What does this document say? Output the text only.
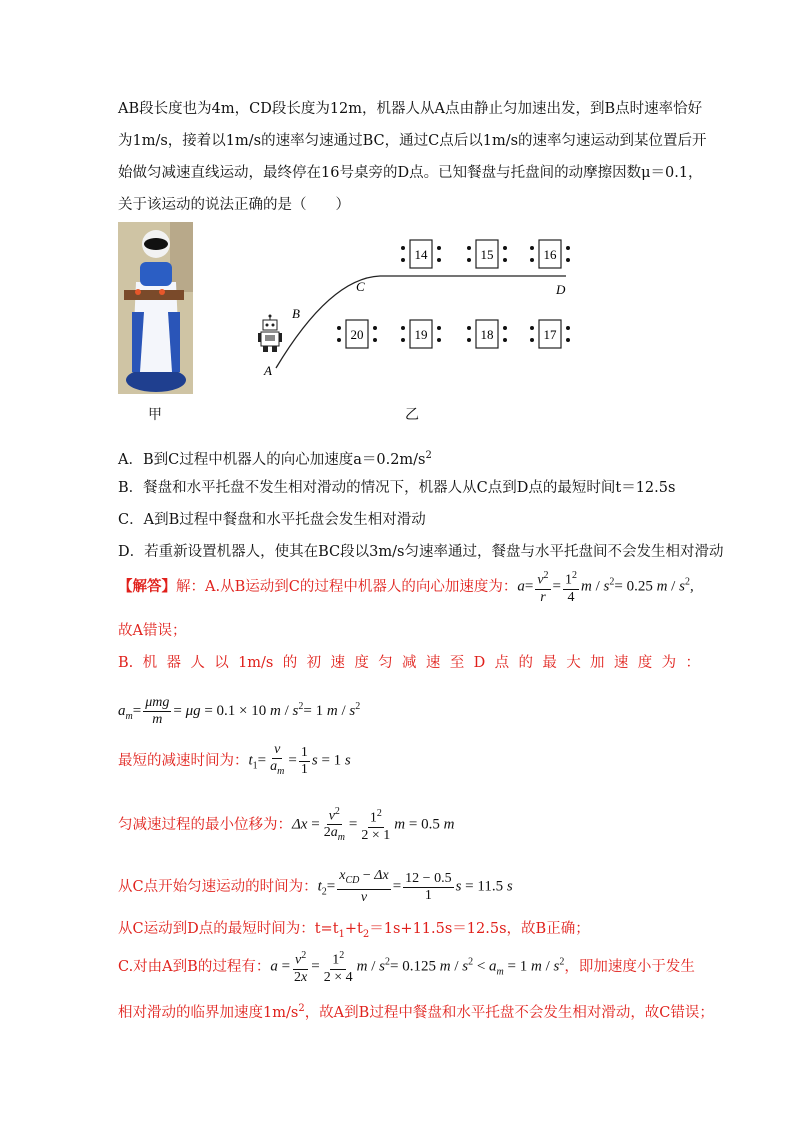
AB段长度也为4m，CD段长度为12m，机器人从A点由静止匀加速出发，到B点时速率恰好
为1m/s，接着以1m/s的速率匀速通过BC，通过C点后以1m/s的速率匀速运动到某位置后开
始做匀减速直线运动，最终停在16号桌旁的D点。已知餐盘与托盘间的动摩擦因数μ＝0.1，
关于该运动的说法正确的是（　　）
甲
14	15	16
C	D
B
A
20	19	18	17
乙
A．B到C过程中机器人的向心加速度$a=0.2m/s^2$
B．餐盘和水平托盘不发生相对滑动的情况下，机器人从C点到D点的最短时间t＝12.5s
C．A到B过程中餐盘和水平托盘会发生相对滑动
D．若重新设置机器人，使其在BC段以3m/s匀速率通过，餐盘与水平托盘间不会发生相对滑动
【解答】 解：A.从B运动到C的过程中机器人的向心加速度为： $a= \frac{v^2}{r} = \frac{1^2}{4}$ $m / s^2= 0.25$ m / $s^2$,
故A错误；
B. 机 器 人 以 1m/s 的 初 速 度 匀 减 速 至 D 点 的 最 大 加 速 度 为 ：
$a_m= \frac{\text{μmg}}{m} = \mu g = 0.1 \times 10$ $m / s^2= 1$ m / $s^2$
最短的减速时间为： $t_1= \frac{v}{a_m} = \frac{1}{1}$ s = 1 s
匀减速过程的最小位移为： $\Delta x = \frac{v^2}{2a_m} = \frac{1^2}{2 \times 1}$ m = 0.5 m
从C点开始匀速运动的时间为： $t_2= \frac{x_{CD} - \Delta x}{v} = \frac{12 - 0.5}{1}$ s = 11.5 s
从C运动到D点的最短时间为：$t=t_1+t_2=1s+11.5s=12.5s$，故B正确；
C.对由A到B的过程有： $a = \frac{v^2}{2x} = \frac{1^2}{2 \times 4}$ $m / s^2= 0.125$ $m / s^2 < a_m = 1$ m / $s^2$ ，即加速度小于发生
相对滑动的临界加速度$1m/s^2$，故A到B过程中餐盘和水平托盘不会发生相对滑动，故C错误；
